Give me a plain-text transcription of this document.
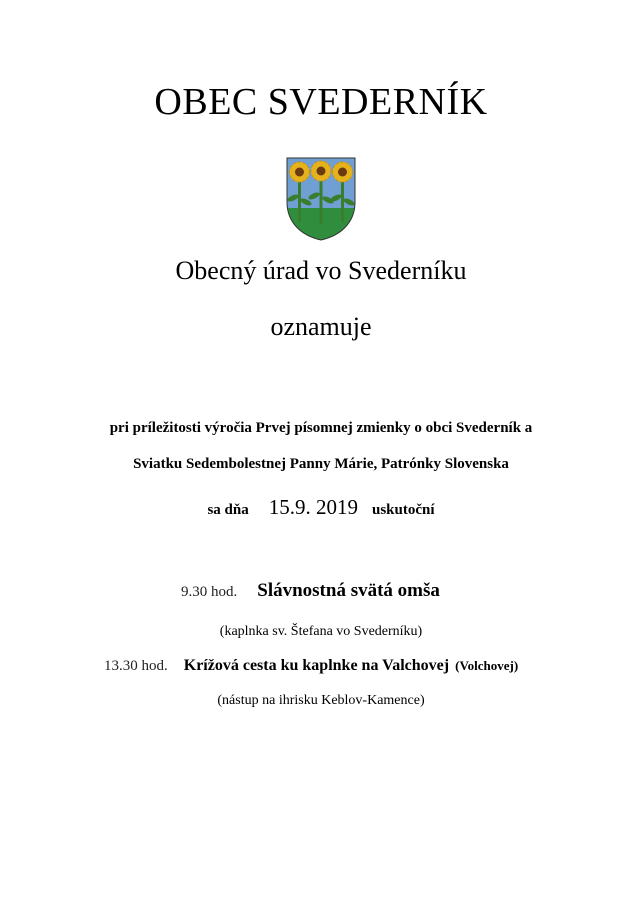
OBEC SVEDERNÍK
Obecný úrad vo Svederníku
oznamuje
pri príležitosti výročia Prvej písomnej zmienky o obci Svederník a
Sviatku Sedembolestnej Panny Márie, Patrónky Slovenska
sa dňa 15.9. 2019 uskutoční
9.30 hod. Slávnostná svätá omša
(kaplnka sv. Štefana vo Svederníku)
13.30 hod. Krížová cesta ku kaplnke na Valchovej (Volchovej)
(nástup na ihrisku Keblov-Kamence)
